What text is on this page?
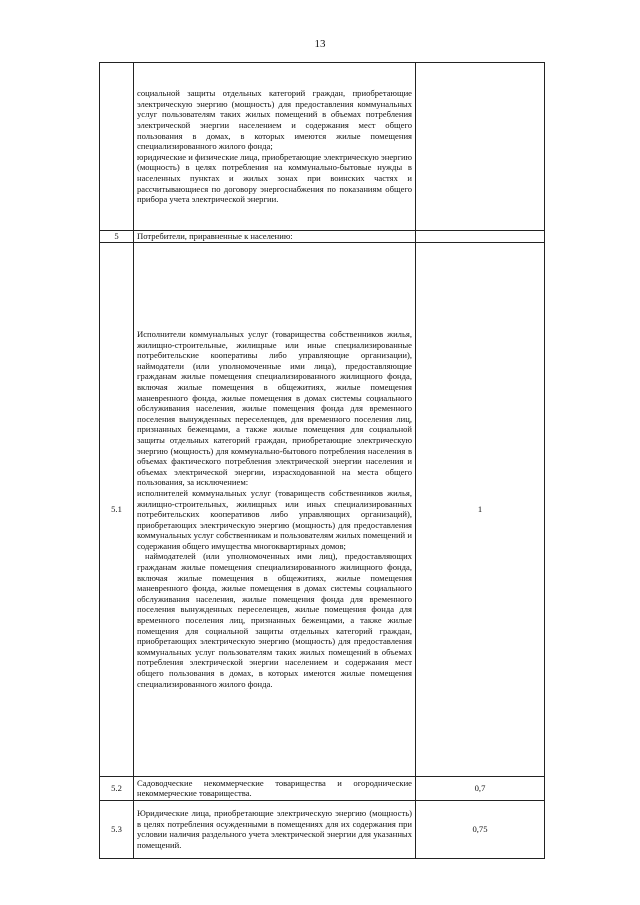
13

	социальной защиты отдельных категорий граждан, приобретающие электрическую энергию (мощность) для предоставления коммунальных услуг пользователям таких жилых помещений в объемах потребления электрической энергии населением и содержания мест общего пользования в домах, в которых имеются жилые помещения специализированного жилого фонда;

юридические и физические лица, приобретающие электрическую энергию (мощность) в целях потребления на коммунально-бытовые нужды в населенных пунктах и жилых зонах при воинских частях и рассчитывающиеся по договору энергоснабжения по показаниям общего прибора учета электрической энергии.	

5	Потребители, приравненные к населению:	

5.1	Исполнители коммунальных услуг (товарищества собственников жилья, жилищно-строительные, жилищные или иные специализированные потребительские кооперативы либо управляющие организации), наймодатели (или уполномоченные ими лица), предоставляющие гражданам жилые помещения специализированного жилищного фонда, включая жилые помещения в общежитиях, жилые помещения маневренного фонда, жилые помещения в домах системы социального обслуживания населения, жилые помещения фонда для временного поселения вынужденных переселенцев, для временного поселения лиц, признанных беженцами, а также жилые помещения для социальной защиты отдельных категорий граждан, приобретающие электрическую энергию (мощность) для коммунально-бытового потребления населения в объемах фактического потребления электрической энергии населения и объемах электрической энергии, израсходованной на места общего пользования, за исключением:

исполнителей коммунальных услуг (товариществ собственников жилья, жилищно-строительных, жилищных или иных специализированных потребительских кооперативов либо управляющих организаций), приобретающих электрическую энергию (мощность) для предоставления коммунальных услуг собственникам и пользователям жилых помещений и содержания общего имущества многоквартирных домов;

наймодателей (или уполномоченных ими лиц), предоставляющих гражданам жилые помещения специализированного жилищного фонда, включая жилые помещения в общежитиях, жилые помещения маневренного фонда, жилые помещения в домах системы социального обслуживания населения, жилые помещения фонда для временного поселения вынужденных переселенцев, жилые помещения фонда для временного поселения лиц, признанных беженцами, а также жилые помещения для социальной защиты отдельных категорий граждан, приобретающих электрическую энергию (мощность) для предоставления коммунальных услуг пользователям таких жилых помещений в объемах потребления электрической энергии населением и содержания мест общего пользования в домах, в которых имеются жилые помещения специализированного жилого фонда.	1
5.2	Садоводческие некоммерческие товарищества и огороднические некоммерческие товарищества.	0,7
5.3	Юридические лица, приобретающие электрическую энергию (мощность) в целях потребления осужденными в помещениях для их содержания при условии наличия раздельного учета электрической энергии для указанных помещений.	0,75
